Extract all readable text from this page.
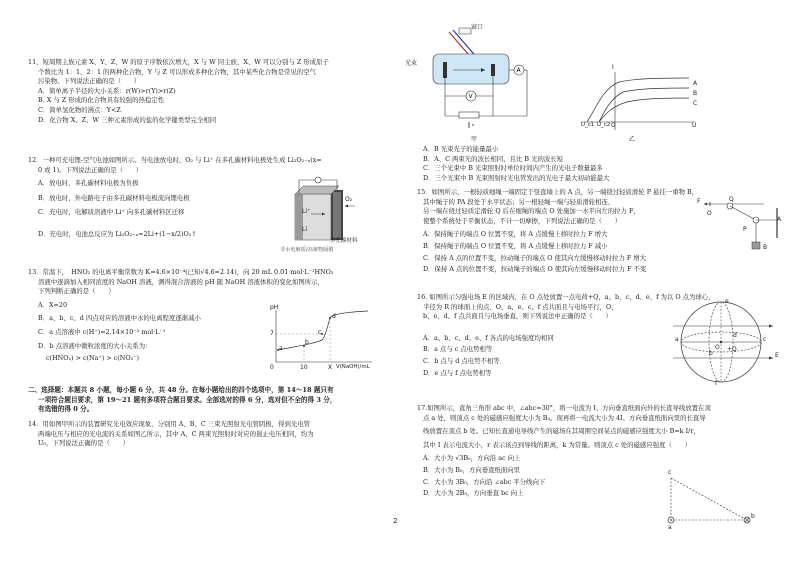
11、短周期主族元素 X、Y、Z、W 的原子序数依次增大，X 与 W 同主族，X、W 可以分别与 Z 形成原子
个数比为 1：1、2：1 的两种化合物，Y 与 Z 可以形成多种化合物，其中某些化合物是常见的空气
污染物。下列说法正确的是（　　）
A．简单离子半径的大小关系：r(W)>r(Y)>r(Z)
B. X 与 Z 形成的化合物具有较强的热稳定性
C．简单氢化物的沸点：Y<Z
D．化合物 X、Z、W 三种元素形成的盐的化学键类型完全相同
12．一种可充电锂-空气电池如图所示。当电池放电时，O₂ 与 Li⁺ 在多孔碳材料电极处生成 Li₂O₂₋ₓ(x=
0 或 1)。下列说法正确的是（　　）
A．放电时，多孔碳材料电极为负极
B．放电时，外电路电子由多孔碳材料电极流向锂电极
C．充电时，电解质溶液中 Li⁺ 向多孔碳材料区迁移
D．充电时，电池总反应为 Li₂O₂₋ₓ=2Li+(1−x/2)O₂↑
Li⁺
Li
O₂
多孔碳材料
非水电解质/高聚物隔膜
13．常温下，　HNO₂ 的电离平衡常数为 K=4.6×10⁻⁴(已知√4.6=2.14)，向 20 mL 0.01 mol·L⁻¹HNO₂
溶液中逐滴加入相同浓度的 NaOH 溶液，测得混合溶液的 pH 随 NaOH 溶液体积的变化如图所示，
下列判断正确的是（　　）
A．X=20
B．a、b、c、d 四点对应的溶液中水的电离程度逐渐减小
C．a 点溶液中 c(H⁺)=2.14×10⁻³ mol·L⁻¹
D．b 点溶液中微粒浓度的大小关系为：
c(HNO₂) > c(Na⁺) > c(NO₂⁻)
pH
7
0	10	X V(NaOH)/mL
a
b
c
d
二、选择题：本题共 8 小题，每小题 6 分，共 48 分。在每小题给出的四个选项中，第 14～18 题只有
一项符合题目要求，第 19～21 题有多项符合题目要求。全部选对的得 6 分，选对但不全的得 3 分，
有选错的得 0 分。
14．用如图甲所示的装置研究光电效应现象，分别用 A、B、C 三束光照射光电管阴极，得到光电管
两端电压与相应的光电流的关系如图乙所示，其中 A、C 两束光照射时对应的遏止电压相同，均为
U₀，下列说法正确的是（　　）
A
V
光束
窗口
甲
I
U
A
B
C
U_c1 U_c2 O
乙
A．B 光束光子的能量最小
B．A、C 两束光的波长相同，且比 B 光的波长短
C．三个光束中 B 光束照射时单位时间内产生的光电子数量最多
D．三个光束中 B 光束照射时光电管发出的光电子最大初动能最大
15．如图所示，一根轻质细绳一端固定于竖直墙上的 A 点，另一端绕过轻质滑轮 P 悬挂一重物 B，
其中绳子的 PA 段处于水平状态；另一根轻绳一端与轻质滑轮相连，
另一端在绕过轻质定滑轮 Q 后在细绳的端点 O 处施加一水平向左的拉力 F，
使整个系统处于平衡状态，不计一切摩擦，下列说法正确的是（　　）
A．保持绳子的端点 O 位置不变，将 A 点缓慢上移时拉力 F 增大
B．保持绳子的端点 O 位置不变，将 A 点缓慢上移时拉力 F 减小
C．保持 A 点的位置不变，拉动绳子的端点 O 使其向左缓慢移动时拉力 F 增大
D．保持 A 点的位置不变，拉动绳子的端点 O 使其向左缓慢移动时拉力 F 不变
F
O
Q
P
A
B
16. 如图所示匀强电场 E 的区域内，在 O 点处放置一点电荷+Q，a、b、c、d、e、f 为以 O 点为球心、
半径为 R 的球面上的点，O、a、e、c、f 点共面且与电场平行，O、
b、e、d、f 点共面且与电场垂直，则下列说法中正确的是（　　）
A．a、b、c、d、e、f 各点的电场强度均相同
B．a 点与 c 点电势相等
C．b 点与 d 点电势不相等
D．e 点与 f 点电势相等
a
b
c
d
e
f
O
E
+Q
17.如图所示，直角三角形 abc 中，∠abc=30°，将一电流为 I、方向垂直纸面向外的长直导线放置在顶
点 a 处，则顶点 c 处的磁感应强度大小为 B₀。现再将一电流大小为 4I、方向垂直纸面向里的长直导
线放置在顶点 b 处。已知长直通电导线产生的磁场在其周围空间某点的磁感应强度大小 B=k I/r，
其中 I 表示电流大小，r 表示该点到导线的距离，k 为常量。则顶点 c 处的磁感应强度（　　）
A．大小为 √3B₀，方向沿 ac 向上
B．大小为 B₀，方向垂直纸面向里
C．大小为 3B₀，方向沿 ∠abc 平分线向下
D．大小为 2B₀，方向垂直 bc 向上
c
a
b
2
